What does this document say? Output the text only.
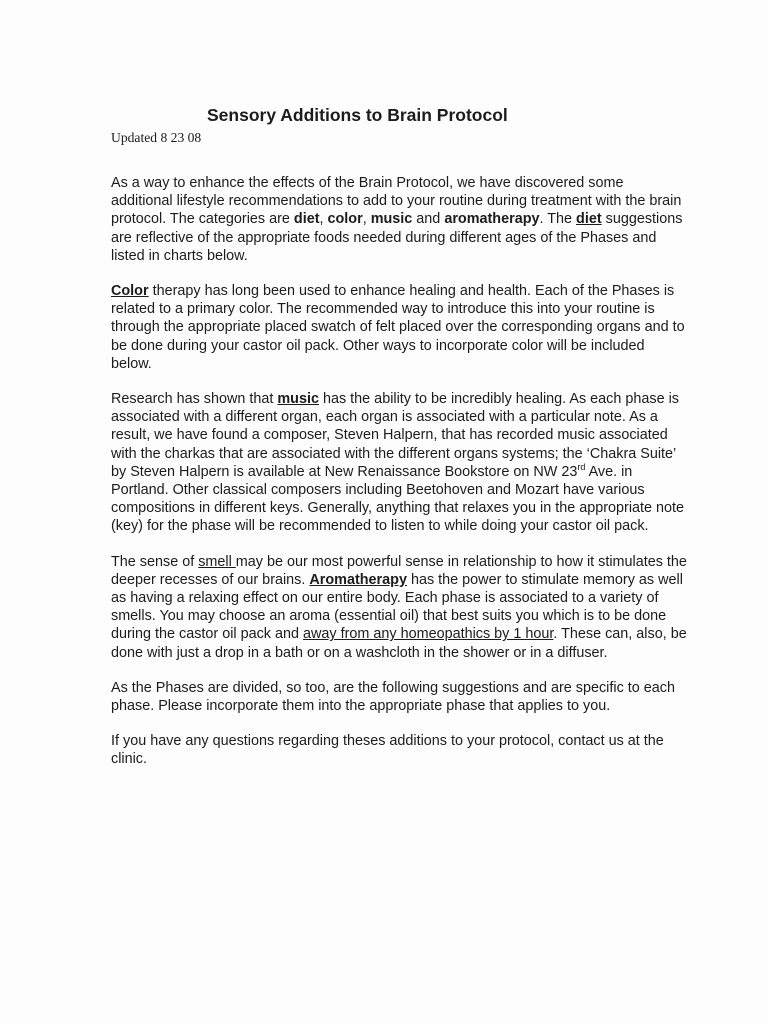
Sensory Additions to Brain Protocol

Updated 8 23 08

As a way to enhance the effects of the Brain Protocol, we have discovered some additional lifestyle recommendations to add to your routine during treatment with the brain protocol. The categories are diet, color, music and aromatherapy. The diet suggestions are reflective of the appropriate foods needed during different ages of the Phases and listed in charts below.

Color therapy has long been used to enhance healing and health. Each of the Phases is related to a primary color. The recommended way to introduce this into your routine is through the appropriate placed swatch of felt placed over the corresponding organs and to be done during your castor oil pack. Other ways to incorporate color will be included below.

Research has shown that music has the ability to be incredibly healing. As each phase is associated with a different organ, each organ is associated with a particular note. As a result, we have found a composer, Steven Halpern, that has recorded music associated with the charkas that are associated with the different organs systems; the ‘Chakra Suite’ by Steven Halpern is available at New Renaissance Bookstore on NW 23rd Ave. in Portland. Other classical composers including Beetohoven and Mozart have various compositions in different keys. Generally, anything that relaxes you in the appropriate note (key) for the phase will be recommended to listen to while doing your castor oil pack.

The sense of smell may be our most powerful sense in relationship to how it stimulates the deeper recesses of our brains. Aromatherapy has the power to stimulate memory as well as having a relaxing effect on our entire body. Each phase is associated to a variety of smells. You may choose an aroma (essential oil) that best suits you which is to be done during the castor oil pack and away from any homeopathics by 1 hour. These can, also, be done with just a drop in a bath or on a washcloth in the shower or in a diffuser.

As the Phases are divided, so too, are the following suggestions and are specific to each phase. Please incorporate them into the appropriate phase that applies to you.

If you have any questions regarding theses additions to your protocol, contact us at the clinic.
